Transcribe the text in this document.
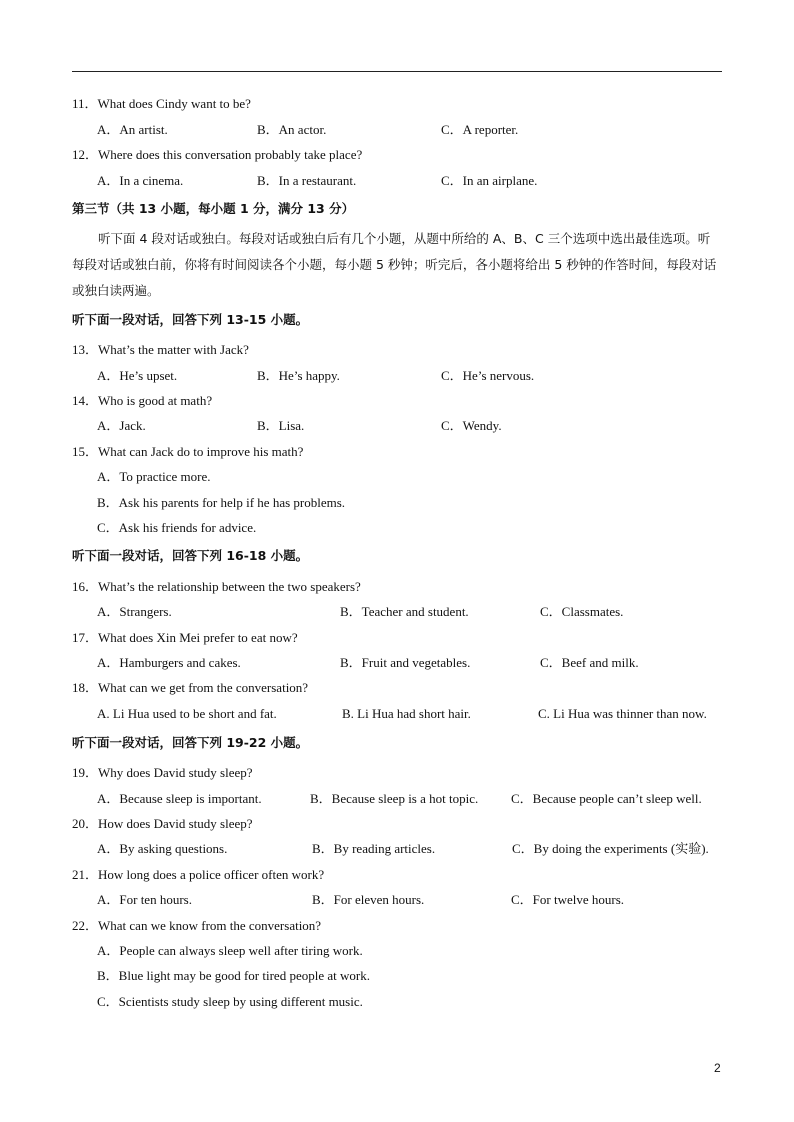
11．What does Cindy want to be?
A．An artist.	B．An actor.	C．A reporter.
12．Where does this conversation probably take place?
A．In a cinema.	B．In a restaurant.	C．In an airplane.
第三节（共 13 小题，每小题 1 分，满分 13 分）
听下面 4 段对话或独白。每段对话或独白后有几个小题，从题中所给的 A、B、C 三个选项中选出最佳选项。听每段对话或独白前，你将有时间阅读各个小题，每小题 5 秒钟；听完后，各小题将给出 5 秒钟的作答时间，每段对话或独白读两遍。
听下面一段对话，回答下列 13-15 小题。
13．What’s the matter with Jack?
A．He’s upset.	B．He’s happy.	C．He’s nervous.
14．Who is good at math?
A．Jack.	B．Lisa.	C．Wendy.
15．What can Jack do to improve his math?
A．To practice more.
B．Ask his parents for help if he has problems.
C．Ask his friends for advice.
听下面一段对话，回答下列 16-18 小题。
16．What’s the relationship between the two speakers?
A．Strangers.	B．Teacher and student.	C．Classmates.
17．What does Xin Mei prefer to eat now?
A．Hamburgers and cakes.	B．Fruit and vegetables.	C．Beef and milk.
18．What can we get from the conversation?
A. Li Hua used to be short and fat.	B. Li Hua had short hair.	C. Li Hua was thinner than now.
听下面一段对话，回答下列 19-22 小题。
19．Why does David study sleep?
A．Because sleep is important.	B．Because sleep is a hot topic.	C．Because people can’t sleep well.
20．How does David study sleep?
A．By asking questions.	B．By reading articles.	C．By doing the experiments (实验).
21．How long does a police officer often work?
A．For ten hours.	B．For eleven hours.	C．For twelve hours.
22．What can we know from the conversation?
A．People can always sleep well after tiring work.
B．Blue light may be good for tired people at work.
C．Scientists study sleep by using different music.
2
